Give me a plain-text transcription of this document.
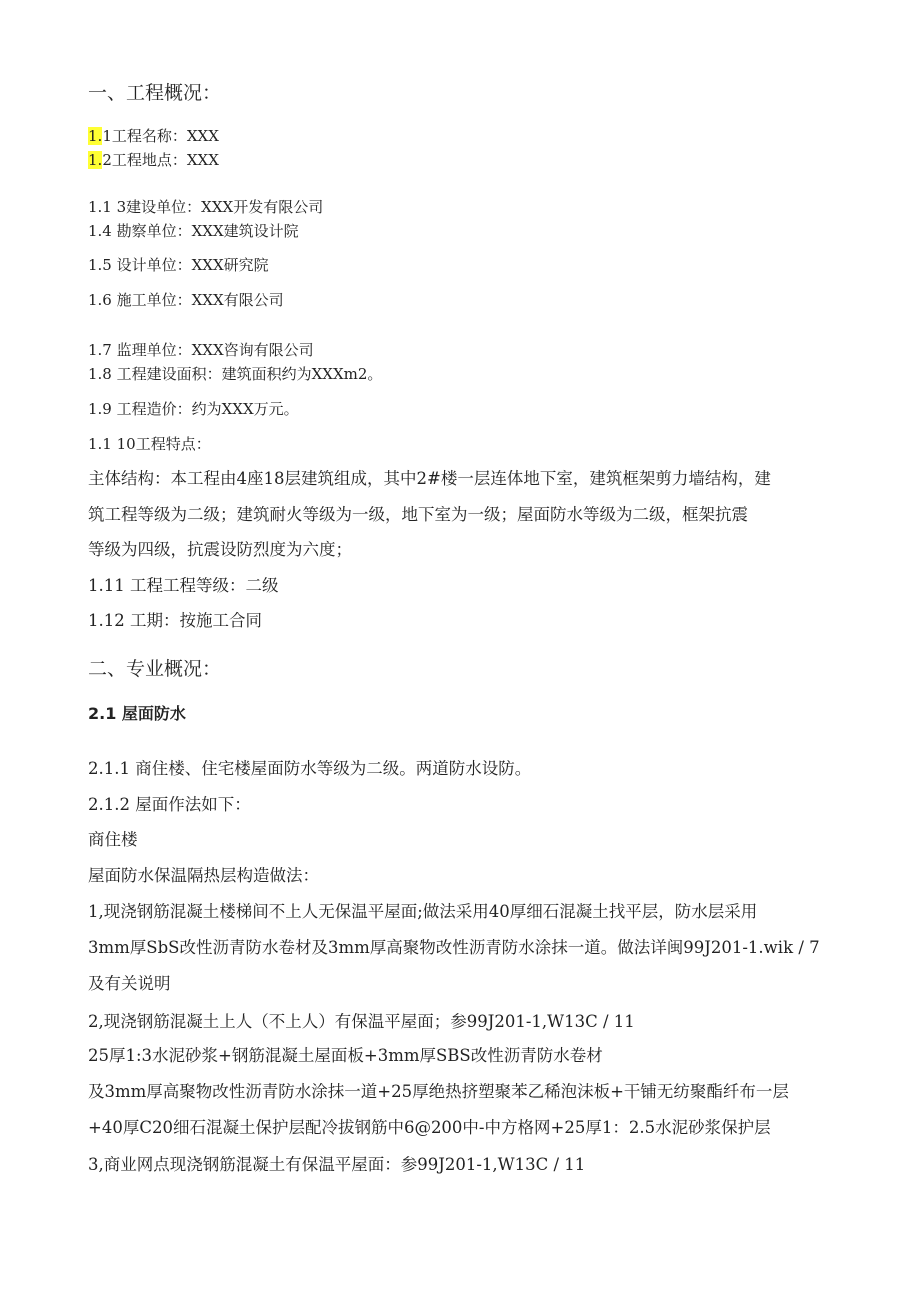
一、工程概况：
1.1工程名称：XXX
1.2工程地点：XXX
1.1 3建设单位：XXX开发有限公司
1.4 勘察单位：XXX建筑设计院
1.5 设计单位：XXX研究院
1.6 施工单位：XXX有限公司
1.7 监理单位：XXX咨询有限公司
1.8 工程建设面积：建筑面积约为XXXm2。
1.9 工程造价：约为XXX万元。
1.1 10工程特点：
主体结构：本工程由4座18层建筑组成，其中2#楼一层连体地下室，建筑框架剪力墙结构，建
筑工程等级为二级；建筑耐火等级为一级，地下室为一级；屋面防水等级为二级，框架抗震
等级为四级，抗震设防烈度为六度；
1.11 工程工程等级：二级
1.12 工期：按施工合同
二、专业概况：
2.1 屋面防水
2.1.1 商住楼、住宅楼屋面防水等级为二级。两道防水设防。
2.1.2 屋面作法如下：
商住楼
屋面防水保温隔热层构造做法：
1,现浇钢筋混凝土楼梯间不上人无保温平屋面;做法采用40厚细石混凝土找平层，防水层采用
3mm厚SbS改性沥青防水卷材及3mm厚高聚物改性沥青防水涂抹一道。做法详闽99J201-1.wik / 7
及有关说明
2,现浇钢筋混凝土上人（不上人）有保温平屋面；参99J201-1,W13C / 11
25厚1:3水泥砂浆+钢筋混凝土屋面板+3mm厚SBS改性沥青防水卷材
及3mm厚高聚物改性沥青防水涂抹一道+25厚绝热挤塑聚苯乙稀泡沫板+干铺无纺聚酯纤布一层
+40厚C20细石混凝土保护层配冷拔钢筋中6@200中-中方格网+25厚1：2.5水泥砂浆保护层
3,商业网点现浇钢筋混凝土有保温平屋面：参99J201-1,W13C / 11
